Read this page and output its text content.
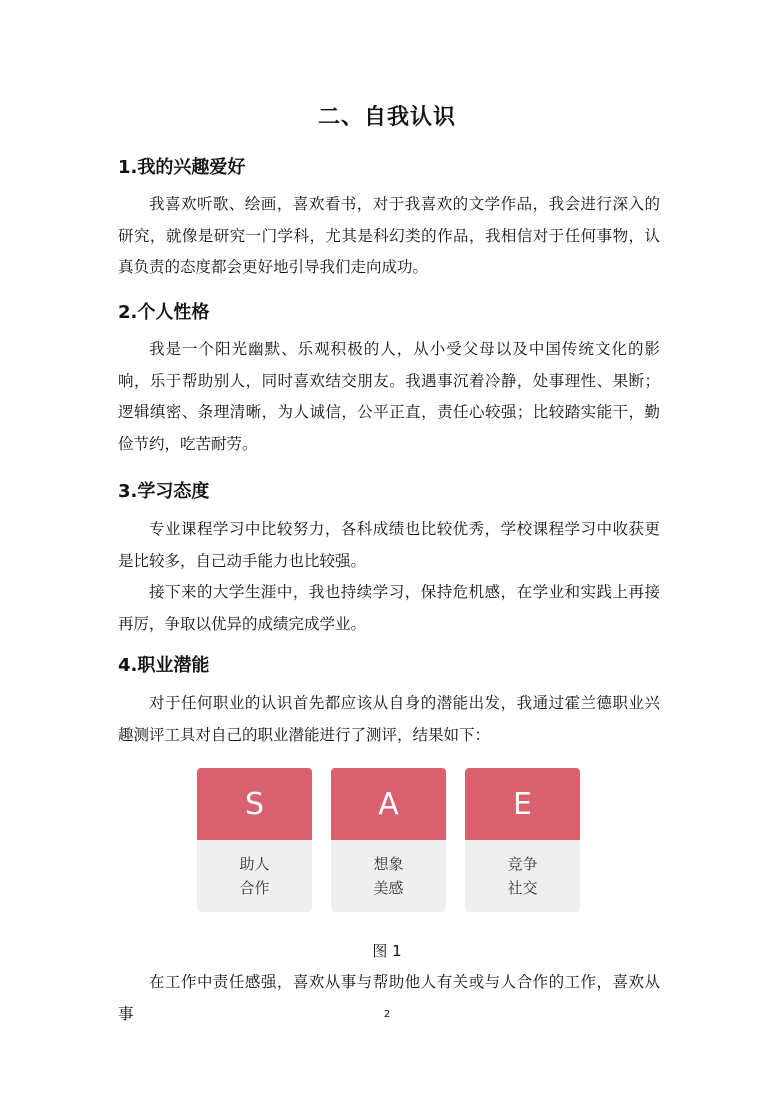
二、自我认识
1.我的兴趣爱好

我喜欢听歌、绘画，喜欢看书，对于我喜欢的文学作品，我会进行深入的研究，就像是研究一门学科，尤其是科幻类的作品，我相信对于任何事物，认真负责的态度都会更好地引导我们走向成功。

2.个人性格

我是一个阳光幽默、乐观积极的人，从小受父母以及中国传统文化的影响，乐于帮助别人，同时喜欢结交朋友。我遇事沉着冷静，处事理性、果断；逻辑缜密、条理清晰，为人诚信，公平正直，责任心较强；比较踏实能干，勤俭节约，吃苦耐劳。

3.学习态度

专业课程学习中比较努力，各科成绩也比较优秀，学校课程学习中收获更是比较多，自己动手能力也比较强。

接下来的大学生涯中，我也持续学习，保持危机感，在学业和实践上再接再厉，争取以优异的成绩完成学业。

4.职业潜能

对于任何职业的认识首先都应该从自身的潜能出发，我通过霍兰德职业兴趣测评工具对自己的职业潜能进行了测评，结果如下：

S
助人
合作
A
想象
美感
E
竞争
社交
图 1

在工作中责任感强，喜欢从事与帮助他人有关或与人合作的工作，喜欢从事	2
